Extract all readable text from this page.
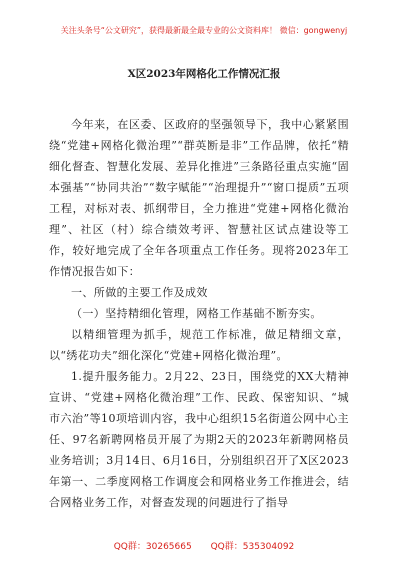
关注头条号“公文研究”，获得最新最全最专业的公文资料库！ 微信：gongwenyj
X区2023年网格化工作情况汇报

今年来，在区委、区政府的坚强领导下，我中心紧紧围绕“党建+网格化微治理”“群英断是非”工作品牌，依托“精细化督查、智慧化发展、差异化推进”三条路径重点实施“固本强基”“协同共治”“数字赋能”“治理提升”“窗口提质”五项工程，对标对表、抓纲带目，全力推进“党建+网格化微治理”、社区（村）综合绩效考评、智慧社区试点建设等工作，较好地完成了全年各项重点工作任务。现将2023年工作情况报告如下：

一、所做的主要工作及成效

（一）坚持精细化管理，网格工作基础不断夯实。

以精细管理为抓手，规范工作标准，做足精细文章，以“绣花功夫”细化深化“党建+网格化微治理”。

1.提升服务能力。2月22、23日，围绕党的XX大精神宣讲、“党建+网格化微治理”工作、民政、保密知识、“城市六治”等10项培训内容，我中心组织15名街道公网中心主任、97名新聘网格员开展了为期2天的2023年新聘网格员业务培训；3月14日、6月16日，分别组织召开了X区2023年第一、二季度网格工作调度会和网格业务工作推进会，结合网格业务工作，对督查发现的问题进行了指导

QQ群：30265665 QQ群：535304092
